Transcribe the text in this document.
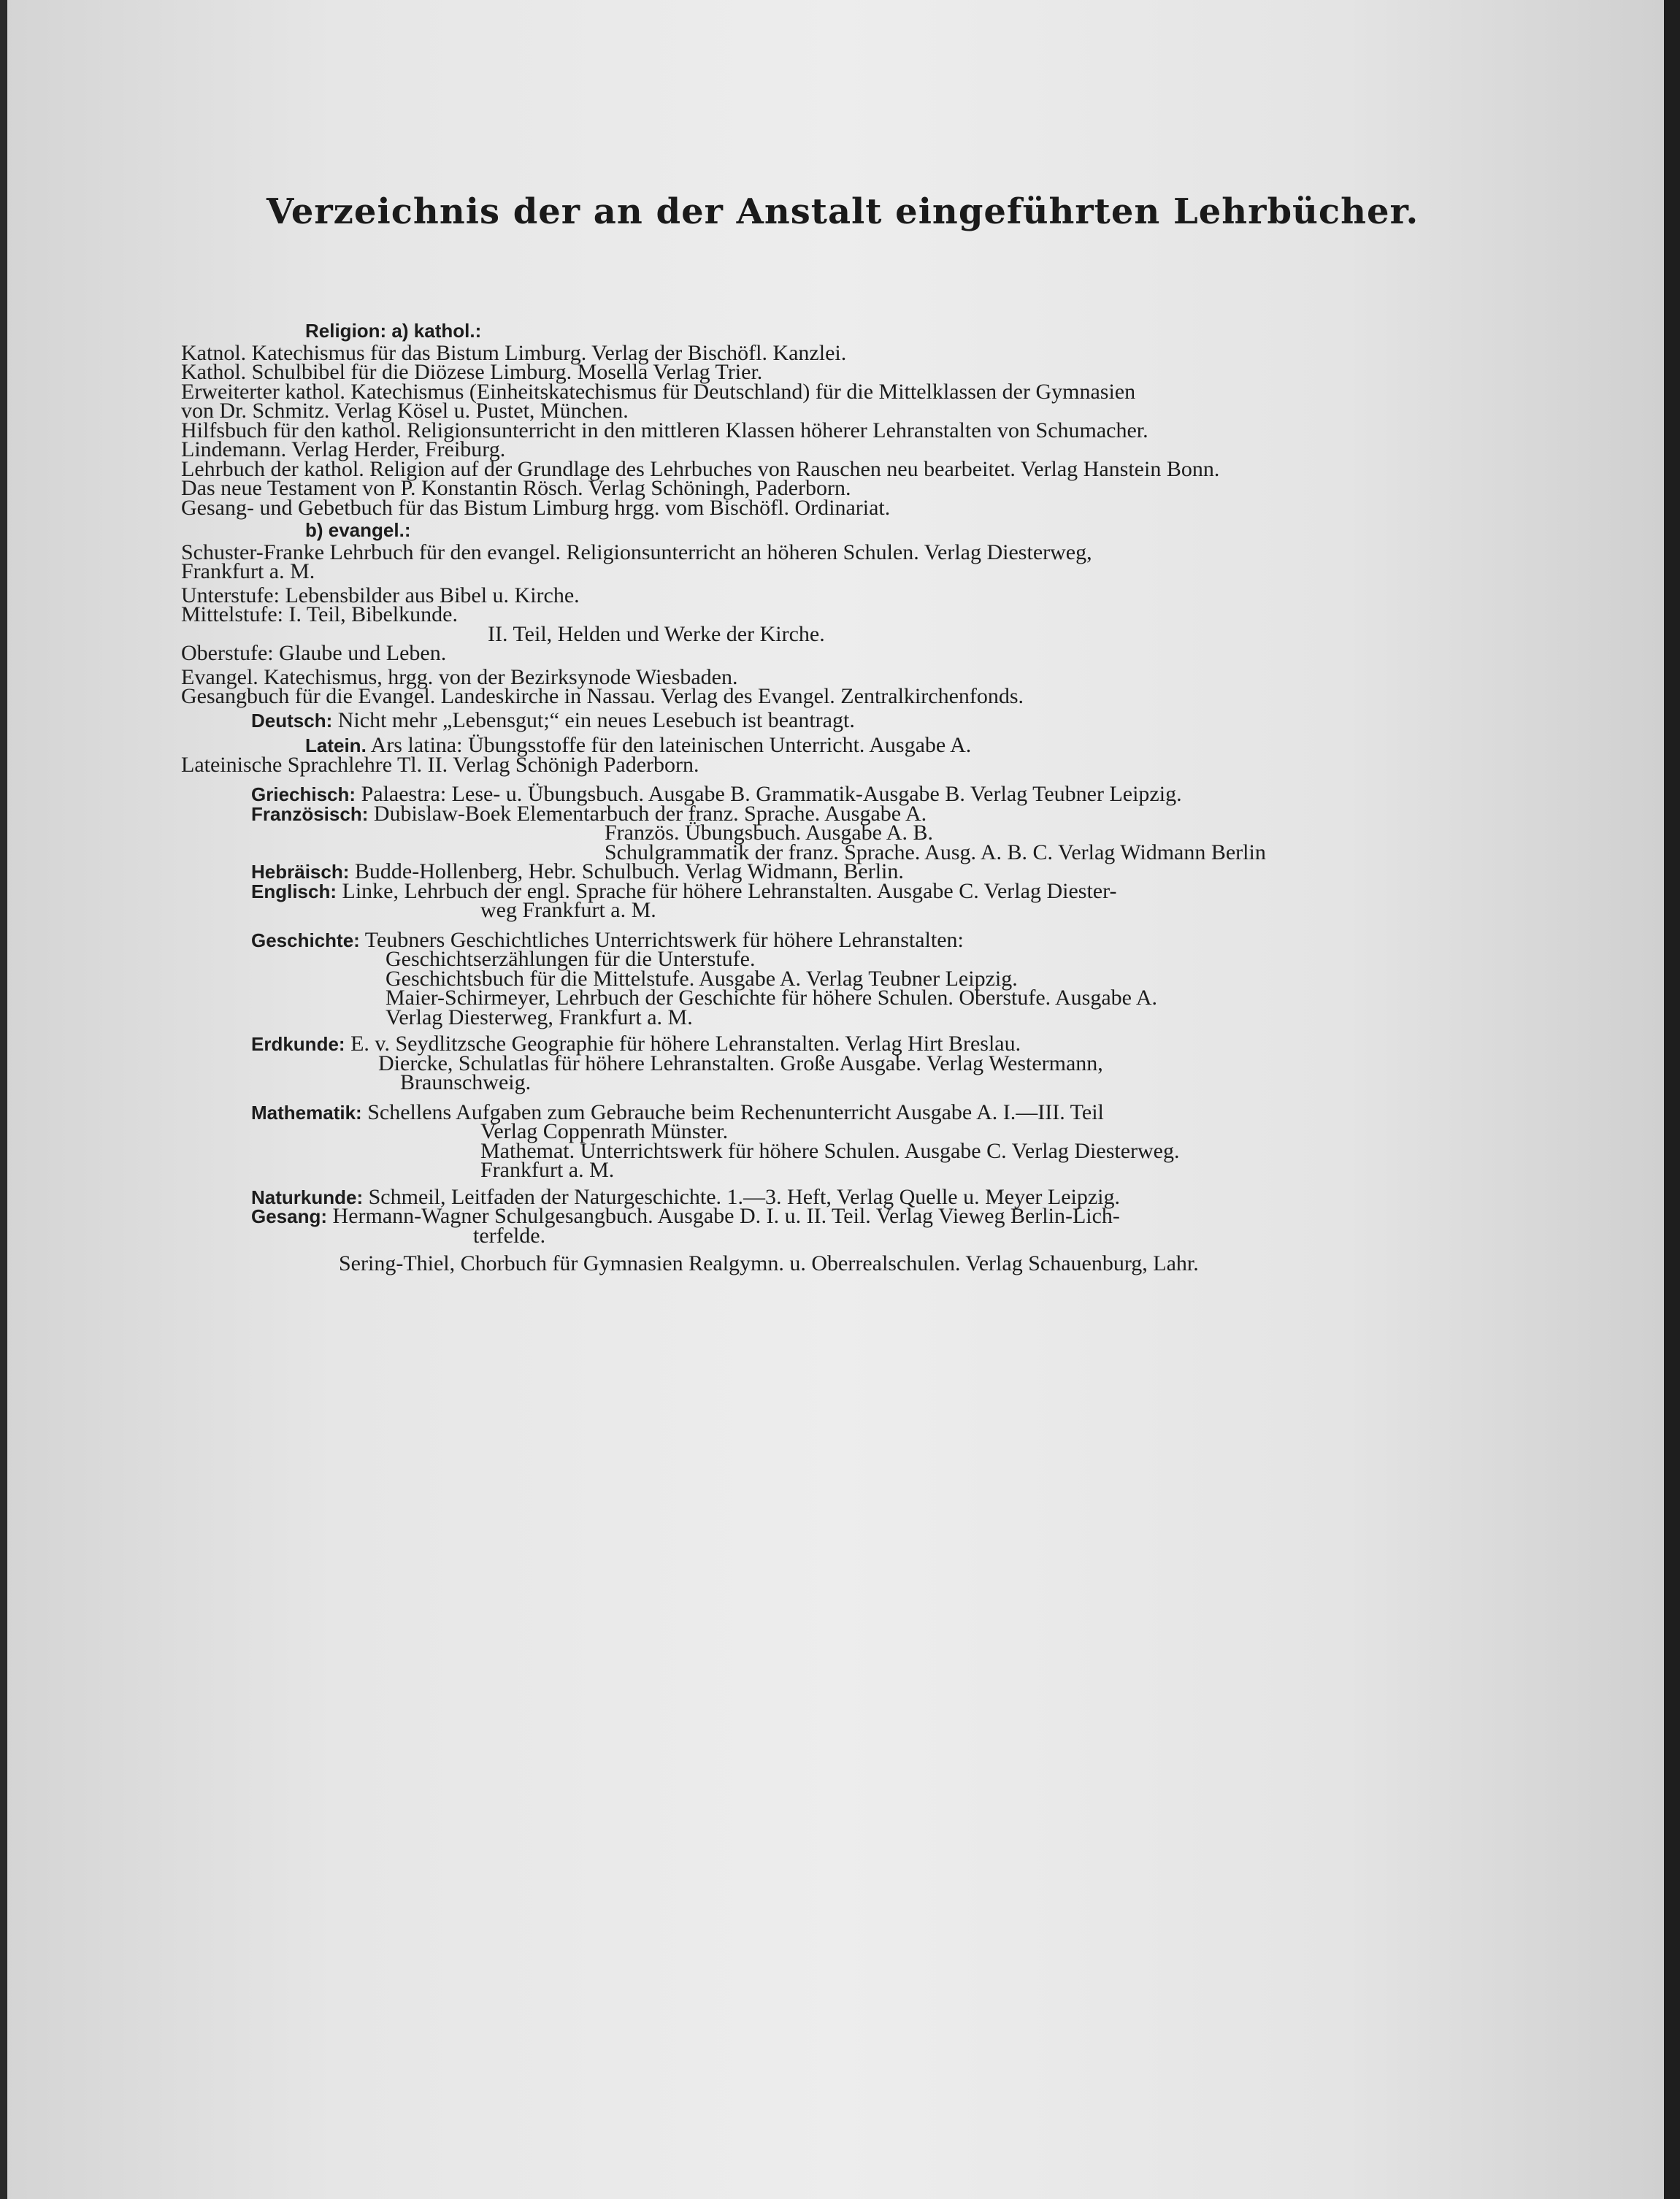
Verzeichnis der an der Anstalt eingeführten Lehrbücher.
Religion: a) kathol.:
Katnol. Katechismus für das Bistum Limburg. Verlag der Bischöfl. Kanzlei.
Kathol. Schulbibel für die Diözese Limburg. Mosella Verlag Trier.
Erweiterter kathol. Katechismus (Einheitskatechismus für Deutschland) für die Mittelklassen der Gymnasien
von Dr. Schmitz. Verlag Kösel u. Pustet, München.
Hilfsbuch für den kathol. Religionsunterricht in den mittleren Klassen höherer Lehranstalten von Schumacher.
Lindemann. Verlag Herder, Freiburg.
Lehrbuch der kathol. Religion auf der Grundlage des Lehrbuches von Rauschen neu bearbeitet. Verlag Hanstein Bonn.
Das neue Testament von P. Konstantin Rösch. Verlag Schöningh, Paderborn.
Gesang- und Gebetbuch für das Bistum Limburg hrgg. vom Bischöfl. Ordinariat.
b) evangel.:
Schuster-Franke Lehrbuch für den evangel. Religionsunterricht an höheren Schulen. Verlag Diesterweg,
Frankfurt a. M.
Unterstufe: Lebensbilder aus Bibel u. Kirche.
Mittelstufe: I. Teil, Bibelkunde.
II. Teil, Helden und Werke der Kirche.
Oberstufe: Glaube und Leben.
Evangel. Katechismus, hrgg. von der Bezirksynode Wiesbaden.
Gesangbuch für die Evangel. Landeskirche in Nassau. Verlag des Evangel. Zentralkirchenfonds.
Deutsch: Nicht mehr „Lebensgut;“ ein neues Lesebuch ist beantragt.
Latein. Ars latina: Übungsstoffe für den lateinischen Unterricht. Ausgabe A.
Lateinische Sprachlehre Tl. II. Verlag Schönigh Paderborn.
Griechisch: Palaestra: Lese- u. Übungsbuch. Ausgabe B. Grammatik-Ausgabe B. Verlag Teubner Leipzig.
Französisch: Dubislaw-Boek Elementarbuch der franz. Sprache. Ausgabe A.
Französ. Übungsbuch. Ausgabe A. B.
Schulgrammatik der franz. Sprache. Ausg. A. B. C. Verlag Widmann Berlin
Hebräisch: Budde-Hollenberg, Hebr. Schulbuch. Verlag Widmann, Berlin.
Englisch: Linke, Lehrbuch der engl. Sprache für höhere Lehranstalten. Ausgabe C. Verlag Diester-
weg Frankfurt a. M.
Geschichte: Teubners Geschichtliches Unterrichtswerk für höhere Lehranstalten:
Geschichtserzählungen für die Unterstufe.
Geschichtsbuch für die Mittelstufe. Ausgabe A. Verlag Teubner Leipzig.
Maier-Schirmeyer, Lehrbuch der Geschichte für höhere Schulen. Oberstufe. Ausgabe A.
Verlag Diesterweg, Frankfurt a. M.
Erdkunde: E. v. Seydlitzsche Geographie für höhere Lehranstalten. Verlag Hirt Breslau.
Diercke, Schulatlas für höhere Lehranstalten. Große Ausgabe. Verlag Westermann,
Braunschweig.
Mathematik: Schellens Aufgaben zum Gebrauche beim Rechenunterricht Ausgabe A. I.—III. Teil
Verlag Coppenrath Münster.
Mathemat. Unterrichtswerk für höhere Schulen. Ausgabe C. Verlag Diesterweg.
Frankfurt a. M.
Naturkunde: Schmeil, Leitfaden der Naturgeschichte. 1.—3. Heft, Verlag Quelle u. Meyer Leipzig.
Gesang: Hermann-Wagner Schulgesangbuch. Ausgabe D. I. u. II. Teil. Verlag Vieweg Berlin-Lich-
terfelde.
Sering-Thiel, Chorbuch für Gymnasien Realgymn. u. Oberrealschulen. Verlag Schauenburg, Lahr.
